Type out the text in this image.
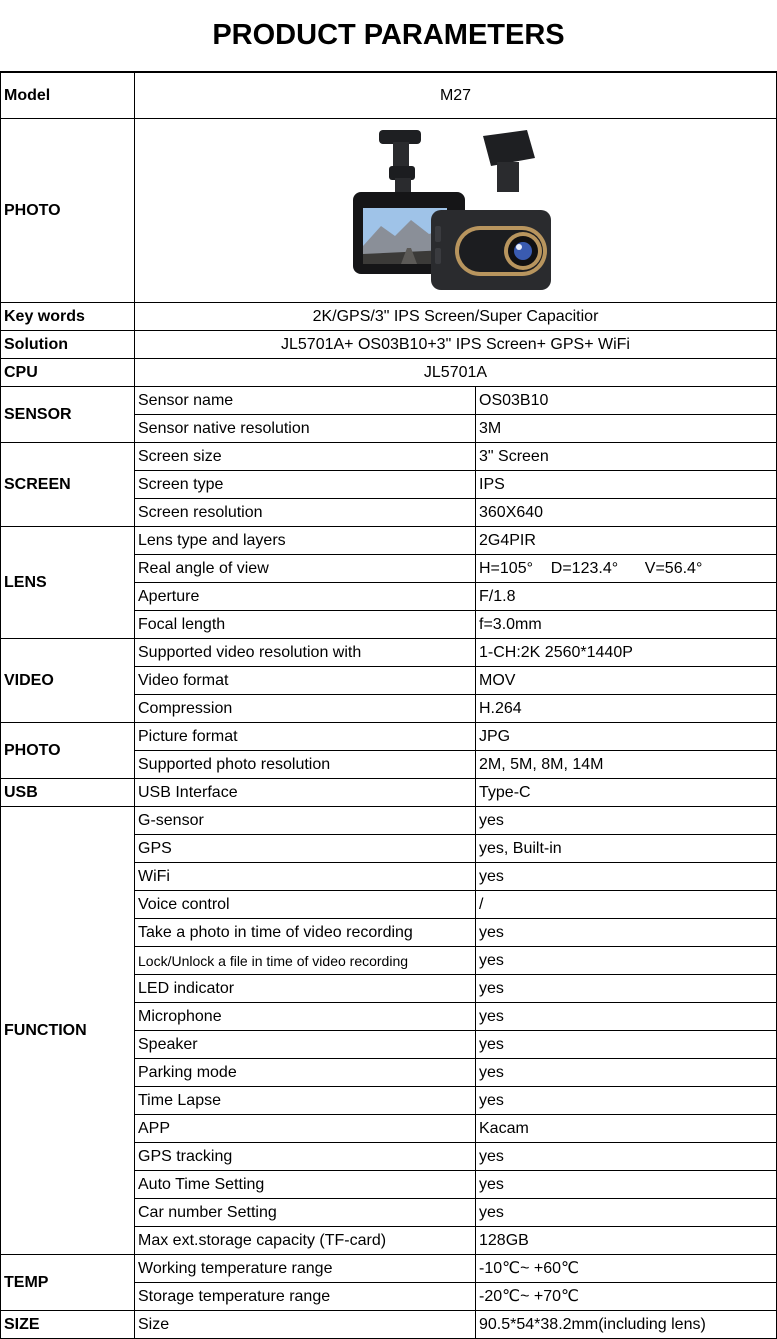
PRODUCT PARAMETERS
Model	M27	
PHOTO	

Key words	2K/GPS/3" IPS Screen/Super Capacitior	
Solution	JL5701A+ OS03B10+3" IPS Screen+ GPS+ WiFi	
CPU	JL5701A	
SENSOR	Sensor name	OS03B10
	Sensor native resolution	3M
SCREEN	Screen size	3" Screen
	Screen type	IPS
	Screen resolution	360X640
LENS	Lens type and layers	2G4PIR
	Real angle of view	H=105°    D=123.4°      V=56.4°
	Aperture	F/1.8
	Focal length	f=3.0mm
VIDEO	Supported video resolution with	1-CH:2K 2560*1440P
	Video format	MOV
	Compression	H.264
PHOTO	Picture format	JPG
	Supported photo resolution	2M, 5M, 8M, 14M
USB	USB Interface	Type-C
FUNCTION	G-sensor	yes
	GPS	yes, Built-in
	WiFi	yes
	Voice control	/
	Take a photo in time of video recording	yes
	Lock/Unlock a file in time of video recording	yes
	LED indicator	yes
	Microphone	yes
	Speaker	yes
	Parking mode	yes
	Time Lapse	yes
	APP	Kacam
	GPS tracking	yes
	Auto Time Setting	yes
	Car number Setting	yes
	Max ext.storage capacity (TF-card)	128GB
TEMP	Working temperature range	-10℃~ +60℃
	Storage temperature range	-20℃~ +70℃
SIZE	Size	90.5*54*38.2mm(including lens)
